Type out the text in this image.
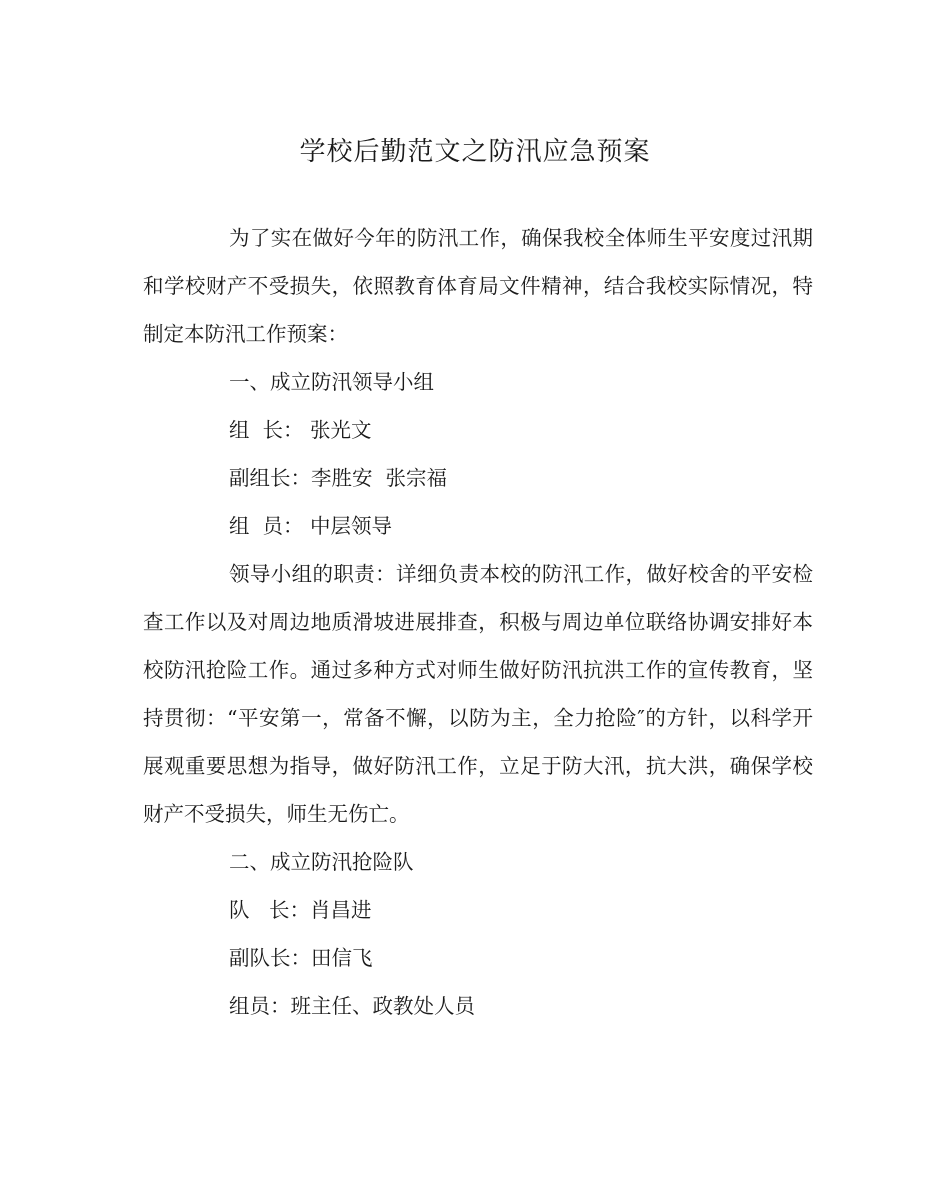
学校后勤范文之防汛应急预案

为了实在做好今年的防汛工作，确保我校全体师生平安度过汛期和学校财产不受损失，依照教育体育局文件精神，结合我校实际情况，特制定本防汛工作预案：

一、成立防汛领导小组

组  长： 张光文

副组长：李胜安  张宗福

组  员： 中层领导

领导小组的职责：详细负责本校的防汛工作，做好校舍的平安检查工作以及对周边地质滑坡进展排查，积极与周边单位联络协调安排好本校防汛抢险工作。通过多种方式对师生做好防汛抗洪工作的宣传教育，坚持贯彻：“平安第一，常备不懈，以防为主，全力抢险″的方针，以科学开展观重要思想为指导，做好防汛工作，立足于防大汛，抗大洪，确保学校财产不受损失，师生无伤亡。

二、成立防汛抢险队

队   长：肖昌进

副队长：田信飞

组员：班主任、政教处人员
